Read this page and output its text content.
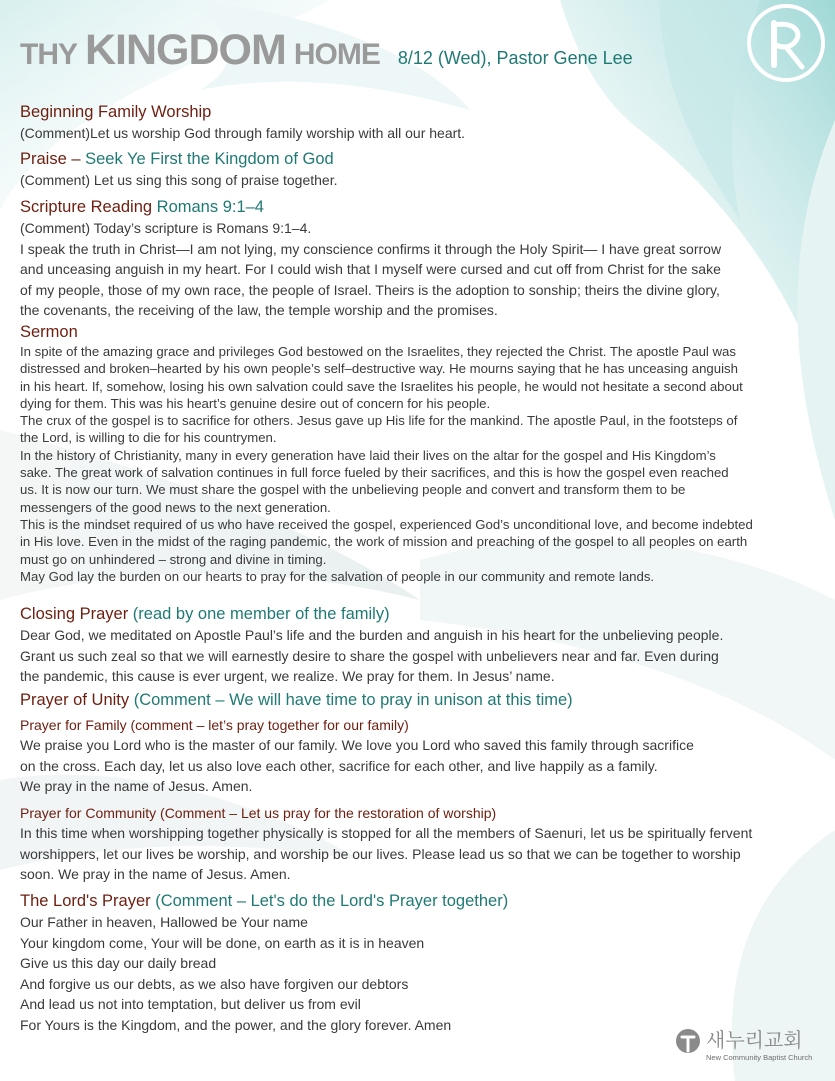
THY KINGDOM HOME 8/12 (Wed), Pastor Gene Lee
Beginning Family Worship
(Comment)Let us worship God through family worship with all our heart.
Praise – Seek Ye First the Kingdom of God
(Comment) Let us sing this song of praise together.
Scripture Reading Romans 9:1–4
(Comment) Today’s scripture is Romans 9:1–4.
I speak the truth in Christ—I am not lying, my conscience confirms it through the Holy Spirit— I have great sorrow
and unceasing anguish in my heart. For I could wish that I myself were cursed and cut off from Christ for the sake
of my people, those of my own race, the people of Israel. Theirs is the adoption to sonship; theirs the divine glory,
the covenants, the receiving of the law, the temple worship and the promises.
Sermon
In spite of the amazing grace and privileges God bestowed on the Israelites, they rejected the Christ. The apostle Paul was
distressed and broken–hearted by his own people’s self–destructive way. He mourns saying that he has unceasing anguish
in his heart. If, somehow, losing his own salvation could save the Israelites his people, he would not hesitate a second about
dying for them. This was his heart’s genuine desire out of concern for his people.
The crux of the gospel is to sacrifice for others. Jesus gave up His life for the mankind. The apostle Paul, in the footsteps of
the Lord, is willing to die for his countrymen.
In the history of Christianity, many in every generation have laid their lives on the altar for the gospel and His Kingdom’s
sake. The great work of salvation continues in full force fueled by their sacrifices, and this is how the gospel even reached
us. It is now our turn. We must share the gospel with the unbelieving people and convert and transform them to be
messengers of the good news to the next generation.
This is the mindset required of us who have received the gospel, experienced God’s unconditional love, and become indebted
in His love. Even in the midst of the raging pandemic, the work of mission and preaching of the gospel to all peoples on earth
must go on unhindered – strong and divine in timing.
May God lay the burden on our hearts to pray for the salvation of people in our community and remote lands.
Closing Prayer (read by one member of the family)
Dear God, we meditated on Apostle Paul’s life and the burden and anguish in his heart for the unbelieving people.
Grant us such zeal so that we will earnestly desire to share the gospel with unbelievers near and far. Even during
the pandemic, this cause is ever urgent, we realize. We pray for them. In Jesus’ name.
Prayer of Unity (Comment – We will have time to pray in unison at this time)
Prayer for Family (comment – let’s pray together for our family)
We praise you Lord who is the master of our family. We love you Lord who saved this family through sacrifice
on the cross. Each day, let us also love each other, sacrifice for each other, and live happily as a family.
We pray in the name of Jesus. Amen.
Prayer for Community (Comment – Let us pray for the restoration of worship)
In this time when worshipping together physically is stopped for all the members of Saenuri, let us be spiritually fervent
worshippers, let our lives be worship, and worship be our lives. Please lead us so that we can be together to worship
soon. We pray in the name of Jesus. Amen.
The Lord's Prayer (Comment – Let's do the Lord's Prayer together)
Our Father in heaven, Hallowed be Your name
Your kingdom come, Your will be done, on earth as it is in heaven
Give us this day our daily bread
And forgive us our debts, as we also have forgiven our debtors
And lead us not into temptation, but deliver us from evil
For Yours is the Kingdom, and the power, and the glory forever. Amen
새누리교회
New Community Baptist Church
